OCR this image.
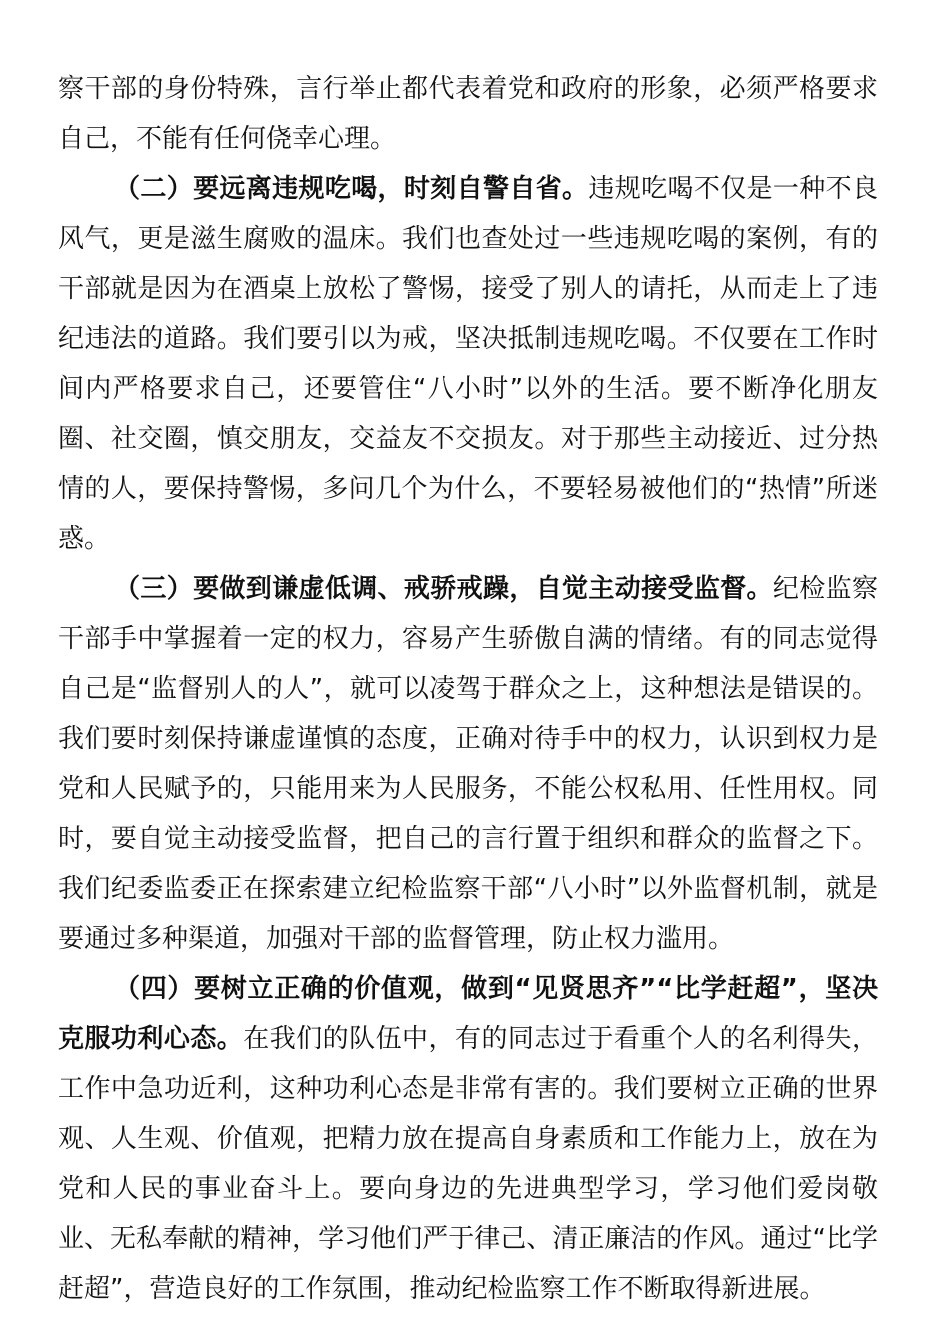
察干部的身份特殊，言行举止都代表着党和政府的形象，必须严格要求自己，不能有任何侥幸心理。

（二）要远离违规吃喝，时刻自警自省。违规吃喝不仅是一种不良风气，更是滋生腐败的温床。我们也查处过一些违规吃喝的案例，有的干部就是因为在酒桌上放松了警惕，接受了别人的请托，从而走上了违纪违法的道路。我们要引以为戒，坚决抵制违规吃喝。不仅要在工作时间内严格要求自己，还要管住“八小时”以外的生活。要不断净化朋友圈、社交圈，慎交朋友，交益友不交损友。对于那些主动接近、过分热情的人，要保持警惕，多问几个为什么，不要轻易被他们的“热情”所迷惑。

（三）要做到谦虚低调、戒骄戒躁，自觉主动接受监督。纪检监察干部手中掌握着一定的权力，容易产生骄傲自满的情绪。有的同志觉得自己是“监督别人的人”，就可以凌驾于群众之上，这种想法是错误的。我们要时刻保持谦虚谨慎的态度，正确对待手中的权力，认识到权力是党和人民赋予的，只能用来为人民服务，不能公权私用、任性用权。同时，要自觉主动接受监督，把自己的言行置于组织和群众的监督之下。我们纪委监委正在探索建立纪检监察干部“八小时”以外监督机制，就是要通过多种渠道，加强对干部的监督管理，防止权力滥用。

（四）要树立正确的价值观，做到“见贤思齐”“比学赶超”，坚决克服功利心态。在我们的队伍中，有的同志过于看重个人的名利得失，工作中急功近利，这种功利心态是非常有害的。我们要树立正确的世界观、人生观、价值观，把精力放在提高自身素质和工作能力上，放在为党和人民的事业奋斗上。要向身边的先进典型学习，学习他们爱岗敬业、无私奉献的精神，学习他们严于律己、清正廉洁的作风。通过“比学赶超”，营造良好的工作氛围，推动纪检监察工作不断取得新进展。
